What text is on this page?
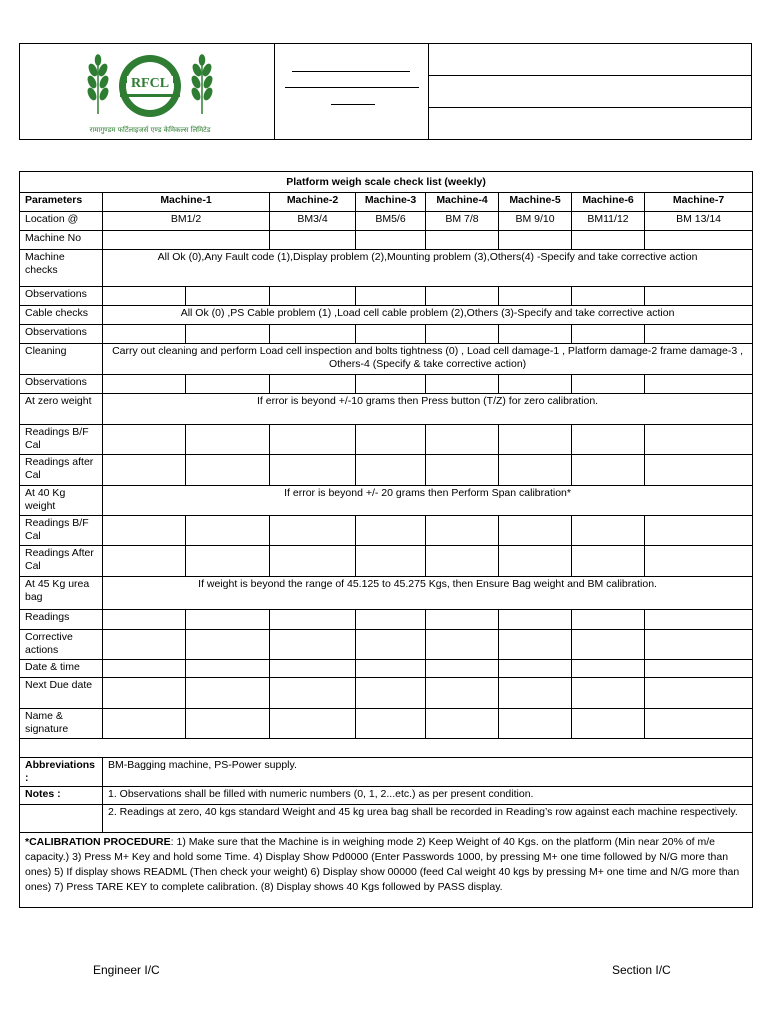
RFCL
रामागुण्डम फर्टिलाइजर्स एण्ड केमिकल्स लिमिटेड
Platform weigh scale check list (weekly)								
Parameters	Machine-1		Machine-2	Machine-3	Machine-4	Machine-5	Machine-6	Machine-7
Location @	BM1/2		BM3/4	BM5/6	BM 7/8	BM 9/10	BM11/12	BM 13/14
Machine No								
Machine checks	All Ok (0),Any Fault code (1),Display problem (2),Mounting problem (3),Others(4) -Specify and take corrective action							
Observations								
Cable checks	All Ok (0) ,PS Cable problem (1) ,Load cell cable problem (2),Others (3)-Specify and take corrective action							
Observations								
Cleaning	Carry out cleaning and perform Load cell inspection and bolts tightness (0) , Load cell damage-1 , Platform damage-2 frame damage-3 , Others-4 (Specify & take corrective action)							
Observations								
At zero weight	If error is beyond +/-10 grams then Press button (T/Z) for zero calibration.							
Readings B/F Cal								
Readings after Cal								
At 40 Kg weight	If error is beyond +/- 20 grams then Perform Span calibration*							
Readings B/F Cal								
Readings After Cal								
At 45 Kg urea bag	If weight is beyond the range of 45.125 to 45.275 Kgs, then Ensure Bag weight and BM calibration.							
Readings								
Corrective actions								
Date & time								
Next Due date								
Name & signature								

Abbreviations :	BM-Bagging machine, PS-Power supply.							
Notes :	1. Observations shall be filled with numeric numbers (0, 1, 2...etc.) as per present condition.							
	2. Readings at zero, 40 kgs standard Weight and 45 kg urea bag shall be recorded in Reading’s row against each machine respectively.							
*CALIBRATION PROCEDURE: 1) Make sure that the Machine is in weighing mode 2) Keep Weight of 40 Kgs. on the platform (Min near 20% of m/e capacity.) 3) Press M+ Key and hold some Time. 4) Display Show Pd0000 (Enter Passwords 1000, by pressing M+ one time followed by N/G more than ones) 5) If display shows READML (Then check your weight) 6) Display show 00000 (feed Cal weight 40 kgs by pressing M+ one time and N/G more than ones) 7) Press TARE KEY to complete calibration. (8) Display shows 40 Kgs followed by PASS display.								
Engineer I/C	Section I/C
